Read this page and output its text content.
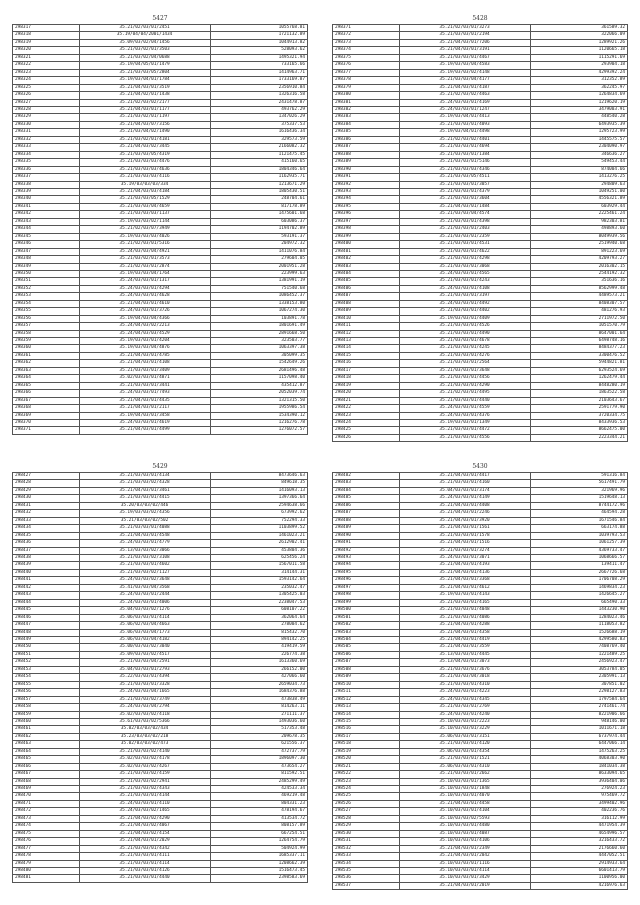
5427
298317	35.21/02/03/01/2451	1055768.81
298318	35.19/04/04/2001/1434	1721132.89
298319	35.09/03/02/04/1456	1044913.82
298320	35.21/03/02/01/3503	528093.62
298321	35.21/03/02/04/0688	1495321.94
298322	35.19/04/05/01/1479	733165.66
298323	35.21/03/03/05/2804	1414963.71
298324	35.19/03/04/01/1784	1733169.87
298325	35.21/04/03/01/3519	2356910.84
298326	35.21/04/02/01/1438	1326316.58
298327	35.21/02/03/02/2177	2431478.87
298328	35.21/04/03/01/1177	493762.29
298329	35.21/03/02/01/1197	1347026.29
298330	35.21/04/03/07/3156	375337.53
298331	35.21/03/04/02/1490	1616436.34
298332	35.21/03/02/01/4181	329573.59
298333	35.21/04/03/02/3445	2166082.32
298334	35.21/03/03/05/4319	1121475.45
298335	35.21/03/03/03/4476	415160.65
298336	35.21/03/03/03/4636	1804346.64
298337	35.21/03/03/03/4116	1162935.71
298338	35.19/03/03/03/334	1213671.29
298339	35.21/04/03/03/4184	1805430.51
298340	35.21/03/03/05/1529	248704.61
298341	35.21/03/03/04/4659	817178.89
298342	35.21/03/03/03/1137	1475601.68
298343	35.19/03/03/02/1144	603086.37
298344	35.21/02/03/07/3949	1194702.89
298345	35.19/03/03/03/4026	593191.37
298346	35.21/02/03/01/5316	204972.32
298347	35.24/03/03/04/4921	1411076.84
298348	35.21/03/02/01/3573	279604.05
298349	35.21/02/03/01/2874	2001951.28
298350	35.19/03/03/04/1764	223999.63
298351	35.24/03/03/01/1317	1381991.19
298352	35.24/03/03/01/4294	751540.68
298353	35.24/03/03/01/4628	1086452.37
298354	35.21/04/03/01/4610	1338153.80
298355	35.24/03/03/01/3726	1067274.30
298356	35.19/04/03/04/4366	103891.78
298357	35.24/04/03/02/2213	1801691.49
298358	35.24/04/03/03/4529	2891668.50
298359	35.19/03/03/01/4204	323503.77
298360	35.19/03/03/04/4876	1063397.38
298361	35.21/04/03/01/4785	305099.35
298362	35.21/04/03/01/4108	1542649.26
298363	35.21/03/03/01/3409	2681496.48
298364	35.02/03/03/01/4871	1157098.40
298365	35.21/03/03/01/3441	435412.87
298366	35.24/03/03/01/7493	2052039.74
298367	35.21/04/03/01/4435	1321315.50
298368	35.21/04/03/01/2117	1955986.54
298369	35.19/04/03/01/3458	1534390.12
298370	35.24/03/03/01/4619	1216276.78
298371	35.21/04/03/01/4499	1276072.57
5428
298371	35.21/02/03/01/3273	361589.32
298372	35.21/03/03/01/2194	322066.09
298373	35.21/04/03/01/7206	1289921.26
298374	35.21/04/03/01/3191	1120665.18
298375	35.21/03/03/01/4467	1115291.69
298376	35.19/03/03/04/4583	293904.18
298377	35.19/03/03/02/4148	4299392.24
298378	35.21/03/03/04/4177	312352.89
298379	35.21/04/03/01/4187	362245.97
298380	35.21/02/03/02/4463	1264834.69
298381	35.24/03/03/01/4169	1219620.19
298382	35.24/03/03/01/1247	3479003.91
298383	35.19/03/04/01/4413	448540.28
298384	35.21/03/03/01/4093	6493935.39
298385	35.19/03/04/01/4498	1295723.99
298386	35.21/02/03/02/4401	1445575.57
298387	35.21/03/03/01/4694	2304090.97
298388	35.21/03/03/01/1384	346636.27
298389	35.21/03/03/01/5146	549453.44
298390	35.21/03/03/03/4346	874004.66
298391	35.21/03/03/05/4511	1413276.25
298392	35.21/03/03/01/3057	294809.63
298393	35.21/03/03/01/4379	1049251.00
298394	35.21/03/03/01/3604	4556321.89
298395	35.21/04/03/01/1484	603929.44
298396	35.21/03/03/04/4574	2225461.24
298397	35.21/03/03/01/4398	982303.81
298398	35.21/03/03/01/2403	498893.60
298399	35.21/03/03/01/2359	8049939.56
298400	35.21/03/03/01/4531	2519940.68
298401	35.21/03/03/01/4622	891223.69
298402	35.21/03/03/01/4298	4209793.27
298403	35.21/03/03/01/3068	2016302.15
298404	35.24/03/03/01/4565	2544192.32
298405	35.21/03/03/01/4243	351636.16
298406	35.24/03/03/01/4108	8562999.48
298407	35.21/03/03/01/3197	4489573.21
298408	35.24/03/03/01/4492	8408307.57
298409	35.21/03/03/01/4402	481276.93
298410	35.19/03/03/01/4409	2711972.50
298411	35.21/03/03/01/4526	1051570.79
298412	35.21/03/03/01/4490	8647001.64
298413	35.21/03/03/01/4678	6498748.16
298414	35.21/03/03/01/4245	8484377.23
298415	35.21/03/03/01/4276	3300476.52
298416	35.21/03/03/01/2564	5944821.81
298417	35.21/03/03/01/3648	6293524.69
298418	35.21/03/03/01/4456	1262479.44
298419	35.21/03/03/01/4290	8448280.19
298420	35.21/02/03/01/4495	1863522.58
298421	35.21/03/03/01/4440	2103643.67
298422	35.24/03/03/01/4559	2591779.90
298423	35.24/03/03/01/4376	3720334.75
298424	35.19/03/03/01/1349	8433936.53
298425	35.21/03/03/01/4472	8662475.00
298426	35.21/03/03/01/4556	2223344.21
5429
298427	35.21/03/03/01/4134	8473646.63
298428	35.21/03/03/02/4328	849618.35
298429	35.21/04/03/01/3461	1416093.13
298430	35.21/03/03/01/4415	1397366.64
298431	35.20/03/03/02/446	2594638.66
298432	35.19/03/03/02/4356	673992.62
298433	35.21/03/03/02/502	752294.33
298434	35.21/03/03/01/4088	1103899.52
298435	35.21/04/03/01/4548	1461023.21
298436	35.24/03/03/01/4779	2612902.41
298437	35.13/03/03/02/3066	453804.36
298438	35.21/03/03/02/3108	625456.24
298439	35.21/03/03/01/4602	1567011.58
298440	35.21/03/03/02/1127	314144.31
298441	35.24/03/03/02/3648	1593142.64
298442	35.41/03/03/04/3568	235032.47
298443	35.24/03/03/01/2444	1305425.03
298444	35.24/03/03/01/4006	2238047.53
298445	35.04/03/03/02/1276	608107.22
298446	35.06/03/03/01/4114	362064.64
298447	35.06/02/03/04/4663	278004.62
298448	35.06/03/03/04/1773	815432.70
298449	35.06/03/03/04/4182	894142.25
298450	35.00/03/03/02/3040	419419.59
298451	35.09/03/03/02/4517	226774.38
298452	35.21/03/03/04/2591	1613360.69
298453	35.04/03/03/01/2793	266152.00
298454	35.22/03/03/01/4394	427066.60
298455	35.21/03/03/01/3328	2659034.73
298456	35.24/03/03/04/1665	1684376.88
298457	35.21/03/03/02/3749	473838.49
298458	35.24/03/03/04/2794	814263.11
298459	35.02/03/03/02/4118	271111.37
298460	35.61/03/03/02/5366	1493036.60
298461	35.02/03/03/02/434	517353.48
298462	35.23/03/03/02/218	209678.35
298463	35.02/03/03/02/473	621556.37
298464	35.21/03/03/02/4140	472737.79
298465	35.02/03/03/02/4178	1896097.30
298466	35.02/03/03/02/4267	473654.27
298467	35.21/03/03/02/4159	811592.51
298468	35.21/03/03/02/2941	2485299.49
298469	35.21/03/03/02/4343	424533.34
298470	35.21/03/03/01/4144	469219.48
298471	35.24/03/03/01/4110	804331.23
298472	35.24/03/03/02/1465	478194.67
298473	35.21/04/03/02/4290	413534.72
298474	35.21/04/03/02/4067	808157.89
298475	35.21/04/03/02/4154	667254.51
298476	35.21/04/03/01/2029	1264754.79
298477	35.21/03/03/01/4342	504924.99
298478	35.21/03/03/01/4111	1685337.11
298479	35.21/03/03/01/4114	1208662.39
298480	35.21/03/03/01/4126	1516473.45
298481	35.21/03/03/01/4440	2398583.69
5430
298482	35.21/04/03/01/4417	591316.84
298483	35.21/03/03/01/4160	5617491.79
298484	35.04/03/03/01/3174	321969.96
298485	35.24/03/03/01/4149	1519648.13
298486	35.21/04/03/01/4408	8744172.96
298487	35.21/04/03/01/2246	464594.28
298488	35.21/04/03/01/3920	1671546.84
298489	35.21/04/03/01/1561	663174.88
298490	35.21/03/03/01/1578	1039793.53
298491	35.21/04/03/01/1516	1061257.39
298492	35.21/03/03/01/3274	4369733.47
298493	35.24/03/03/01/3071	1068666.57
298494	35.21/04/03/01/4193	139411.47
298495	35.21/04/03/01/4136	2667726.68
298496	35.21/04/03/01/3368	1706708.29
298497	35.21/04/03/01/4612	1469834.23
298498	35.19/03/03/01/4143	1426645.27
298499	35.21/03/03/01/4165	665490.33
298500	35.21/03/03/01/4048	1443230.90
298501	35.21/03/03/01/4086	1284023.46
298502	35.21/04/03/01/4288	1118053.82
298503	35.21/04/03/01/4358	1526688.19
298504	35.21/04/03/01/4419	4299580.83
298505	35.21/04/03/01/3559	7408769.40
298506	35.13/03/03/01/4445	1221489.25
298507	35.13/04/03/01/3073	2456923.47
298508	35.21/03/03/01/3676	3053784.05
298509	35.21/03/03/04/3018	2305991.13
298510	35.21/03/03/01/4310	307851.02
298511	35.24/03/03/01/4223	2298127.83
298512	35.24/03/03/01/4345	1797584.64
298513	35.21/03/03/01/2769	2741461.74
298514	35.24/03/03/01/4240	8221906.66
298515	35.10/03/03/01/2223	948146.00
298516	35.10/03/03/01/3229	1011671.18
298517	35.06/03/03/01/3151	6737974.44
298518	35.21/03/03/01/4120	6447066.14
298519	35.06/03/03/01/4354	1475263.25
298520	35.21/03/03/01/1521	4068303.90
298521	35.06/03/03/01/4310	1841034.38
298522	35.21/03/03/01/2662	8633094.65
298523	35.10/03/03/01/1365	3936404.06
298524	35.10/03/03/01/1848	276924.23
298525	35.10/03/03/01/4070	975469.72
298526	35.21/04/03/01/4458	3499402.96
298527	35.10/03/03/01/4104	402236.76
298528	35.10/03/03/02/5593	316112.99
298529	35.10/03/03/01/4480	4471954.39
298530	35.10/03/03/01/4087	4654996.57
298531	35.10/03/03/01/4106	3216433.72
298532	35.21/04/03/01/2349	2176660.60
298533	35.21/04/03/01/2042	4447052.51
298534	35.10/03/03/01/1116	2914933.64
298535	35.10/03/03/01/4114	6601413.79
298536	35.10/03/03/01/3429	1100956.00
298537	35.21/04/03/01/2019	4216976.63
